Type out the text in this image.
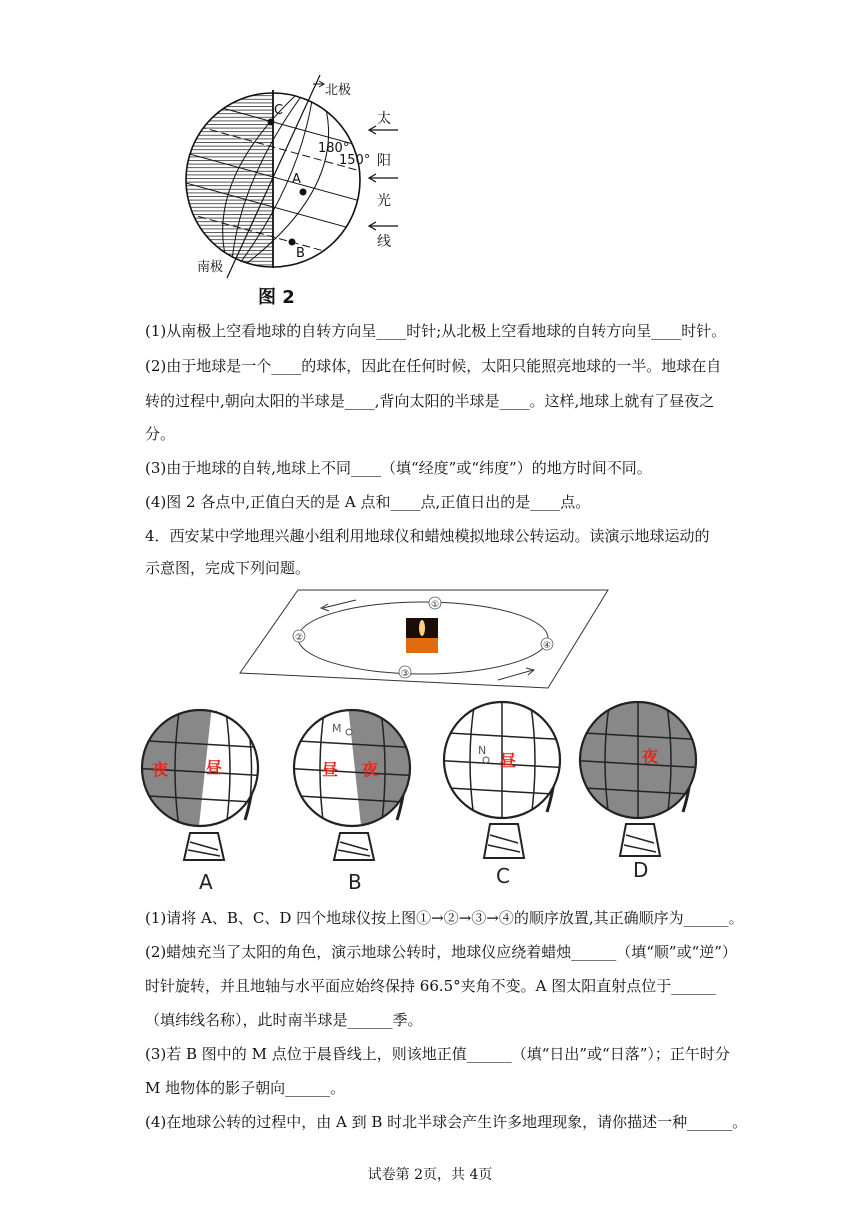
C
A
B
180°
150°
北极
南极
太
阳
光
线
图 2
(1)从南极上空看地球的自转方向呈____时针;从北极上空看地球的自转方向呈____时针。
(2)由于地球是一个____的球体，因此在任何时候，太阳只能照亮地球的一半。地球在自
转的过程中,朝向太阳的半球是____,背向太阳的半球是____。这样,地球上就有了昼夜之
分。
(3)由于地球的自转,地球上不同____（填“经度”或“纬度”）的地方时间不同。
(4)图 2 各点中,正值白天的是 A 点和____点,正值日出的是____点。
4．西安某中学地理兴趣小组利用地球仪和蜡烛模拟地球公转运动。读演示地球运动的
示意图，完成下列问题。
①
②
③
④
夜 昼
M
昼 夜
N
昼	夜
A	B	C	D
(1)请将 A、B、C、D 四个地球仪按上图①→②→③→④的顺序放置,其正确顺序为______。
(2)蜡烛充当了太阳的角色，演示地球公转时，地球仪应绕着蜡烛______（填“顺”或“逆”）
时针旋转，并且地轴与水平面应始终保持 66.5°夹角不变。A 图太阳直射点位于______
（填纬线名称），此时南半球是______季。
(3)若 B 图中的 M 点位于晨昏线上，则该地正值______（填“日出”或“日落”）；正午时分
M 地物体的影子朝向______。
(4)在地球公转的过程中，由 A 到 B 时北半球会产生许多地理现象，请你描述一种______。
试卷第 2页，共 4页
